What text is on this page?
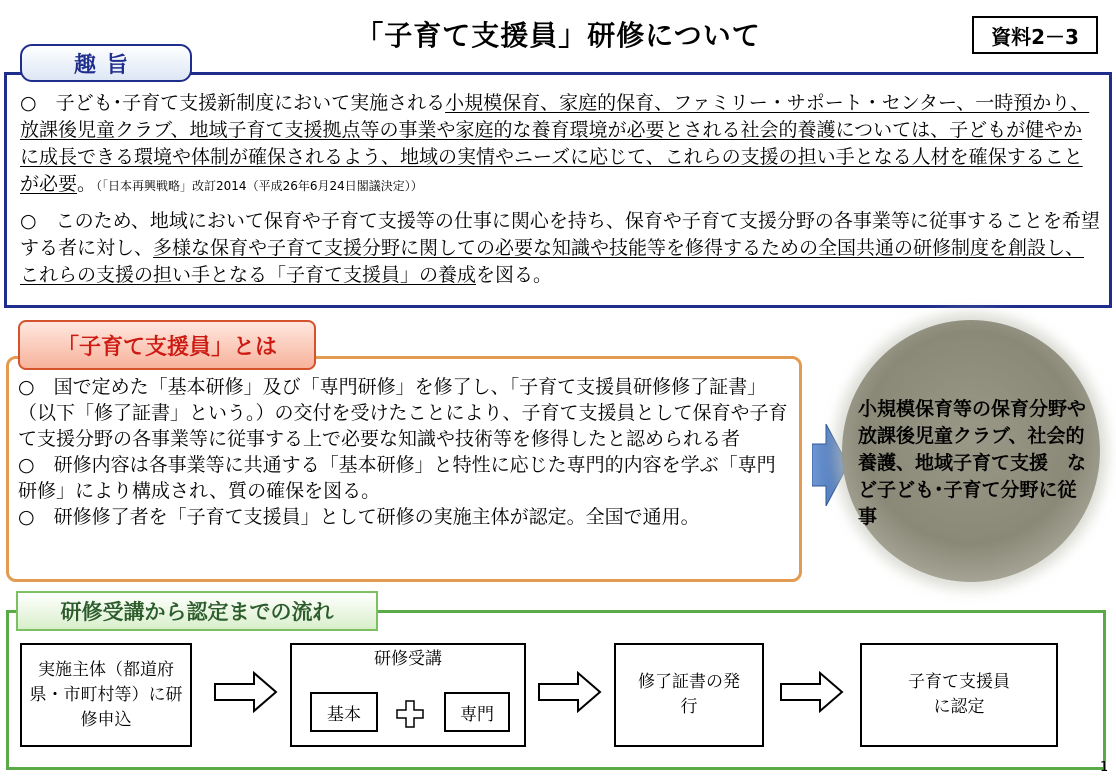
「子育て支援員」研修について	資料2－3
趣旨
○　子ども･子育て支援新制度において実施される小規模保育、家庭的保育、ファミリー・サポート・センター、一時預かり、放課後児童クラブ、地域子育て支援拠点等の事業や家庭的な養育環境が必要とされる社会的養護については、子どもが健やかに成長できる環境や体制が確保されるよう、地域の実情やニーズに応じて、これらの支援の担い手となる人材を確保することが必要。（「日本再興戦略」改訂2014（平成26年6月24日閣議決定））
○　このため、地域において保育や子育て支援等の仕事に関心を持ち、保育や子育て支援分野の各事業等に従事することを希望する者に対し、多様な保育や子育て支援分野に関しての必要な知識や技能等を修得するための全国共通の研修制度を創設し、これらの支援の担い手となる「子育て支援員」の養成を図る。
「子育て支援員」とは
○　国で定めた「基本研修」及び「専門研修」を修了し、「子育て支援員研修修了証書」（以下「修了証書」という。）の交付を受けたことにより、子育て支援員として保育や子育て支援分野の各事業等に従事する上で必要な知識や技術等を修得したと認められる者
○　研修内容は各事業等に共通する「基本研修」と特性に応じた専門的内容を学ぶ「専門研修」により構成され、質の確保を図る。
○　研修修了者を「子育て支援員」として研修の実施主体が認定。全国で通用。
小規模保育等の保育分野や放課後児童クラブ、社会的養護、地域子育て支援　など子ども･子育て分野に従事
研修受講から認定までの流れ
実施主体（都道府県・市町村等）に研修申込
研修受講
基本	専門
修了証書の発行
子育て支援員に認定
1
